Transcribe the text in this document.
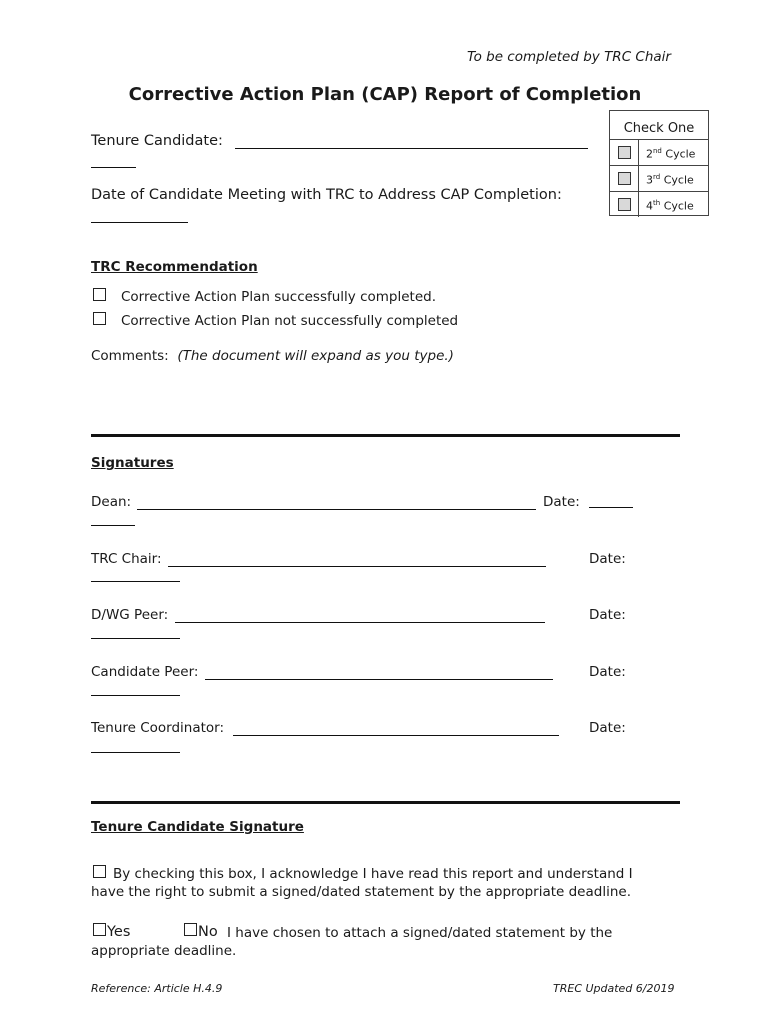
To be completed by TRC Chair
Corrective Action Plan (CAP) Report of Completion
Tenure Candidate:
Date of Candidate Meeting with TRC to Address CAP Completion:
Check One
2nd Cycle
3rd Cycle
4th Cycle
TRC Recommendation
Corrective Action Plan successfully completed.
Corrective Action Plan not successfully completed
Comments: (The document will expand as you type.)
Signatures
Dean:	Date:
TRC Chair:	Date:
D/WG Peer:	Date:
Candidate Peer:	Date:
Tenure Coordinator:	Date:
Tenure Candidate Signature
By checking this box, I acknowledge I have read this report and understand I
have the right to submit a signed/dated statement by the appropriate deadline.
Yes	No I have chosen to attach a signed/dated statement by the
appropriate deadline.
Reference: Article H.4.9	TREC Updated 6/2019
